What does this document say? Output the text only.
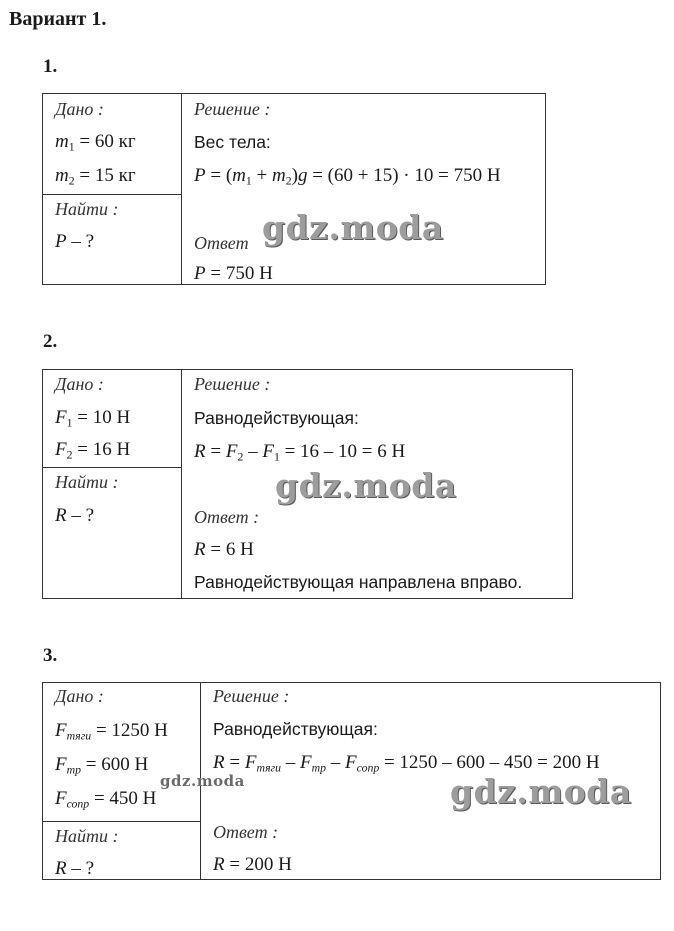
Вариант 1.
1.
Дано :
$m_1 = 60$ кг
$m_2 = 15$ кг
Найти :
P – ?
Решение :
Вес тела:
$P = (m_1 + m_2)g = (60 + 15) \cdot 10 = 750$ Н
Ответ
P = 750 Н
gdz.moda
2.
Дано :
$F_1 = 10$ Н
$F_2 = 16$ Н
Найти :
R – ?
Решение :
Равнодействующая:
$R = F_2 - F_1 = 16 - 10 = 6$ Н
Ответ :
R = 6 Н
Равнодействующая направлена вправо.
gdz.moda
3.
Дано :
$F_{тяги} = 1250$ Н
$F_{тр} = 600$ Н
$F_{сопр} = 450$ Н
Найти :
R – ?
Решение :
Равнодействующая:
$R = F_{тяги} - F_{тр} - F_{сопр} = 1250 - 600 - 450 = 200$ Н
Ответ :
R = 200 Н
gdz.moda	gdz.moda
